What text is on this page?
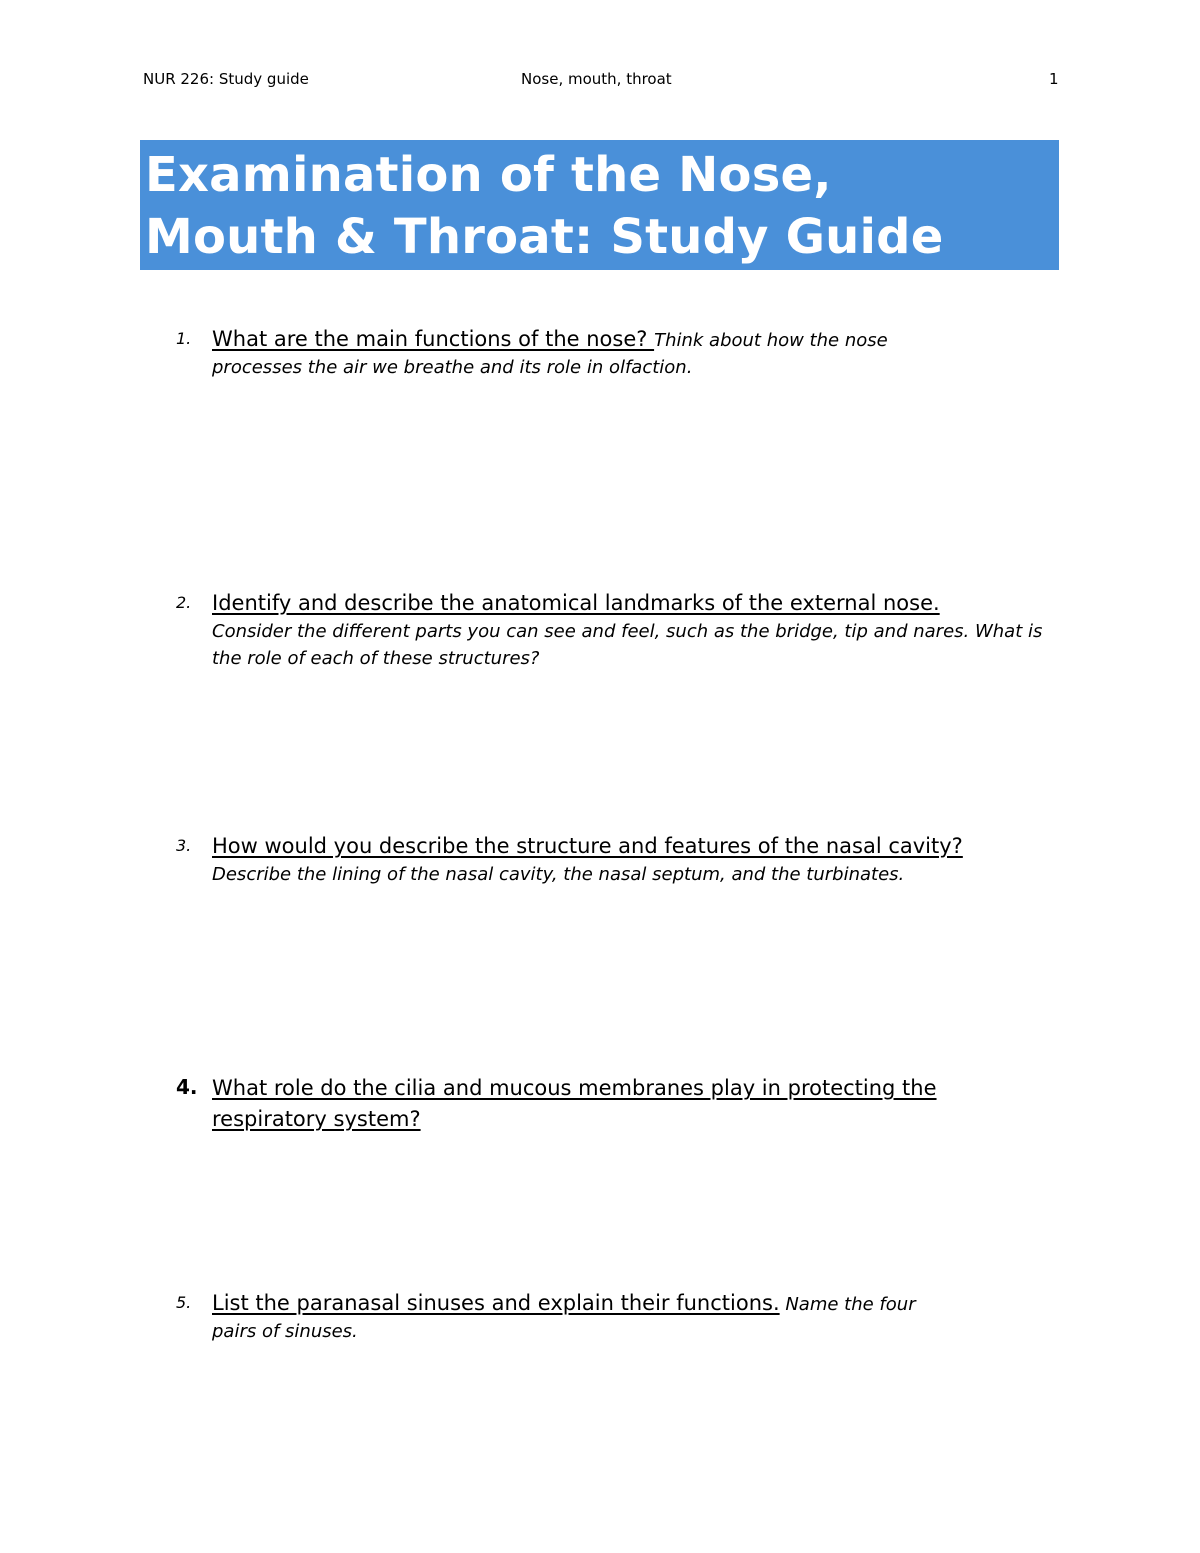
NUR 226: Study guide	Nose, mouth, throat	1
Examination of the Nose,
Mouth & Throat: Study Guide
1. What are the main functions of the nose? Think about how the nose
processes the air we breathe and its role in olfaction.
2. Identify and describe the anatomical landmarks of the external nose.
Consider the different parts you can see and feel, such as the bridge, tip and nares. What is the role of each of these structures?
3. How would you describe the structure and features of the nasal cavity?
Describe the lining of the nasal cavity, the nasal septum, and the turbinates.
4. What role do the cilia and mucous membranes play in protecting the respiratory system?
5. List the paranasal sinuses and explain their functions. Name the four
pairs of sinuses.
